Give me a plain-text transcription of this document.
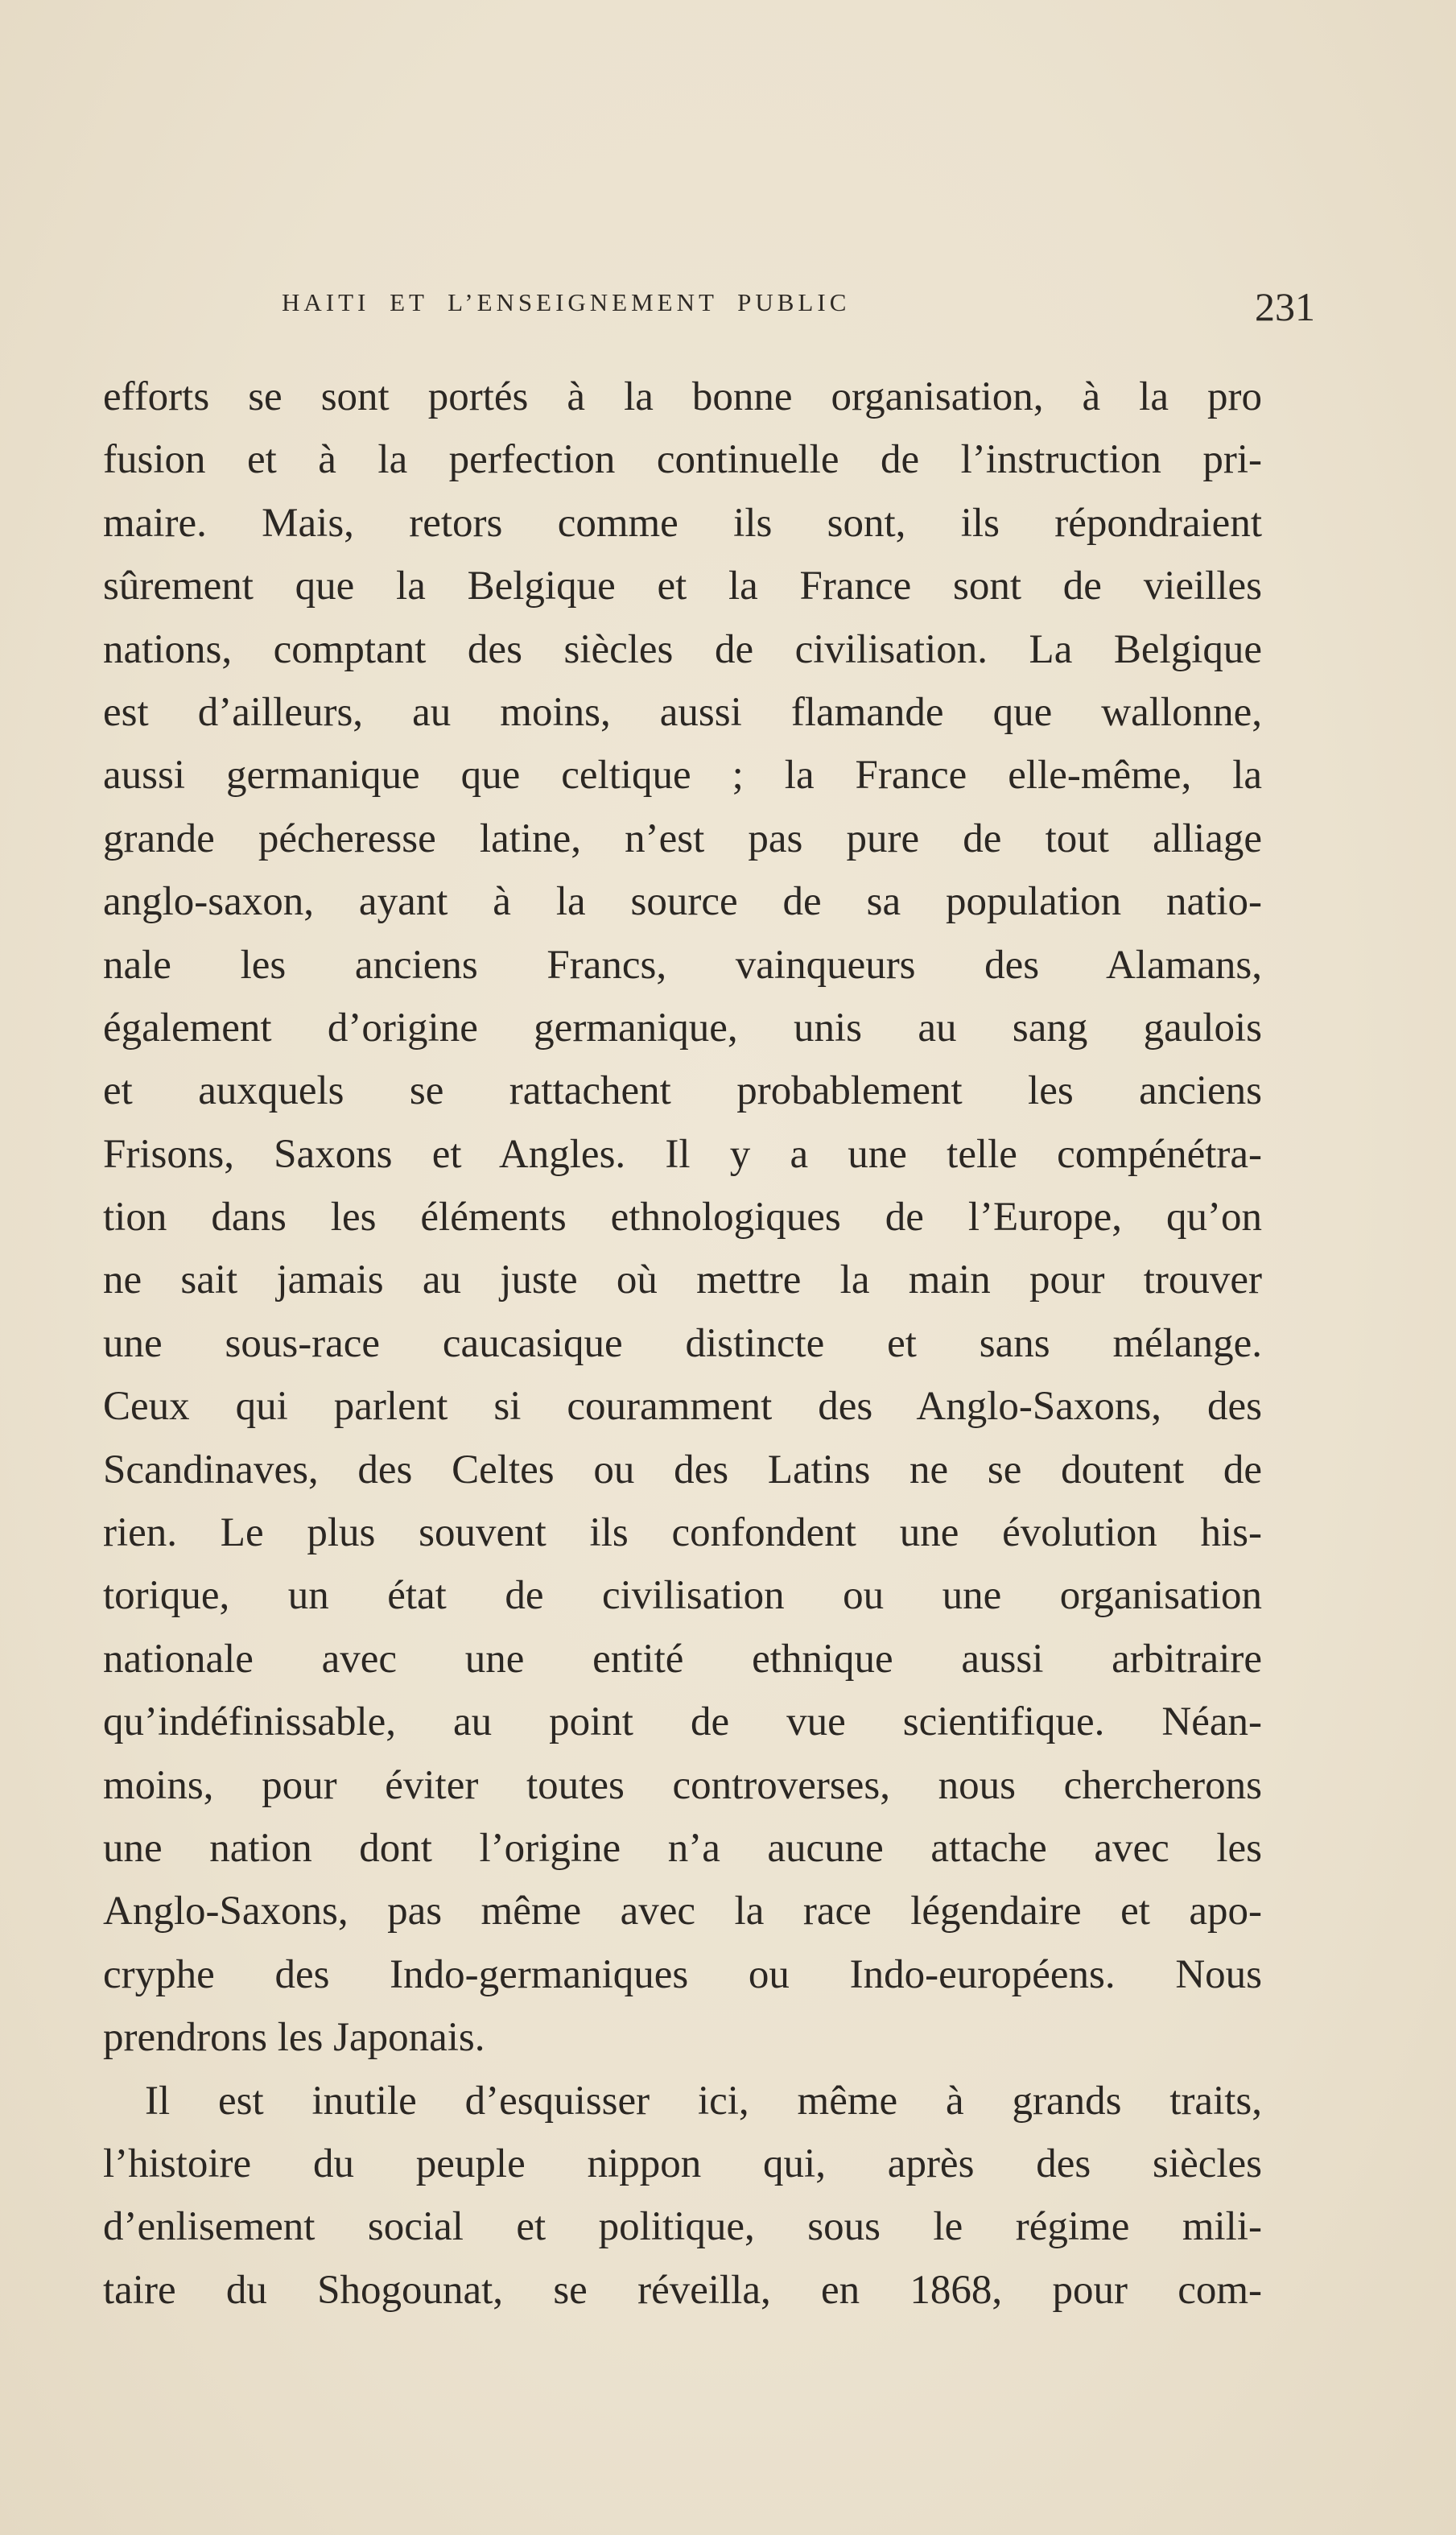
HAITI ET L’ENSEIGNEMENT PUBLIC	231
efforts se sont portés à la bonne organisation, à la pro
fusion et à la perfection continuelle de l’instruction pri-
maire. Mais, retors comme ils sont, ils répondraient
sûrement que la Belgique et la France sont de vieilles
nations, comptant des siècles de civilisation. La Belgique
est d’ailleurs, au moins, aussi flamande que wallonne,
aussi germanique que celtique ; la France elle-même, la
grande pécheresse latine, n’est pas pure de tout alliage
anglo-saxon, ayant à la source de sa population natio-
nale les anciens Francs, vainqueurs des Alamans,
également d’origine germanique, unis au sang gaulois
et auxquels se rattachent probablement les anciens
Frisons, Saxons et Angles. Il y a une telle compénétra-
tion dans les éléments ethnologiques de l’Europe, qu’on
ne sait jamais au juste où mettre la main pour trouver
une sous-race caucasique distincte et sans mélange.
Ceux qui parlent si couramment des Anglo-Saxons, des
Scandinaves, des Celtes ou des Latins ne se doutent de
rien. Le plus souvent ils confondent une évolution his-
torique, un état de civilisation ou une organisation
nationale avec une entité ethnique aussi arbitraire
qu’indéfinissable, au point de vue scientifique. Néan-
moins, pour éviter toutes controverses, nous chercherons
une nation dont l’origine n’a aucune attache avec les
Anglo-Saxons, pas même avec la race légendaire et apo-
cryphe des Indo-germaniques ou Indo-européens. Nous
prendrons les Japonais.
Il est inutile d’esquisser ici, même à grands traits,
l’histoire du peuple nippon qui, après des siècles
d’enlisement social et politique, sous le régime mili-
taire du Shogounat, se réveilla, en 1868, pour com-
